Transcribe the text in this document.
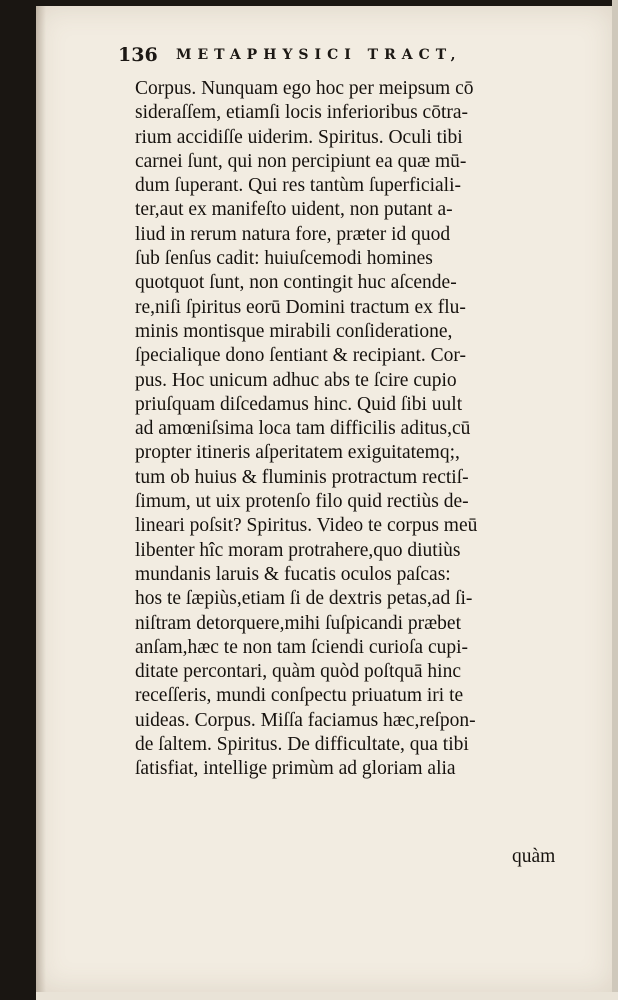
136 METAPHYSICI TRACT,
Corpus. Nunquam ego hoc per meipsum cō
sideraſſem, etiamſi locis inferioribus cōtra-
rium accidiſſe uiderim. Spiritus. Oculi tibi
carnei ſunt, qui non percipiunt ea quæ mū-
dum ſuperant. Qui res tantùm ſuperficiali-
ter,aut ex manifeſto uident, non putant a-
liud in rerum natura fore, præter id quod
ſub ſenſus cadit: huiuſcemodi homines
quotquot ſunt, non contingit huc aſcende-
re,niſi ſpiritus eorū Domini tractum ex flu-
minis montisque mirabili conſideratione,
ſpecialique dono ſentiant & recipiant. Cor-
pus. Hoc unicum adhuc abs te ſcire cupio
priuſquam diſcedamus hinc. Quid ſibi uult
ad amœniſsima loca tam difficilis aditus,cū
propter itineris aſperitatem exiguitatemq;,
tum ob huius & fluminis protractum rectiſ-
ſimum, ut uix protenſo filo quid rectiùs de-
lineari poſsit? Spiritus. Video te corpus meū
libenter hîc moram protrahere,quo diutiùs
mundanis laruis & fucatis oculos paſcas:
hos te ſæpiùs,etiam ſi de dextris petas,ad ſi-
niſtram detorquere,mihi ſuſpicandi præbet
anſam,hæc te non tam ſciendi curioſa cupi-
ditate percontari, quàm quòd poſtquā hinc
receſſeris, mundi conſpectu priuatum iri te
uideas. Corpus. Miſſa faciamus hæc,reſpon-
de ſaltem. Spiritus. De difficultate, qua tibi
ſatisfiat, intellige primùm ad gloriam alia
quàm
